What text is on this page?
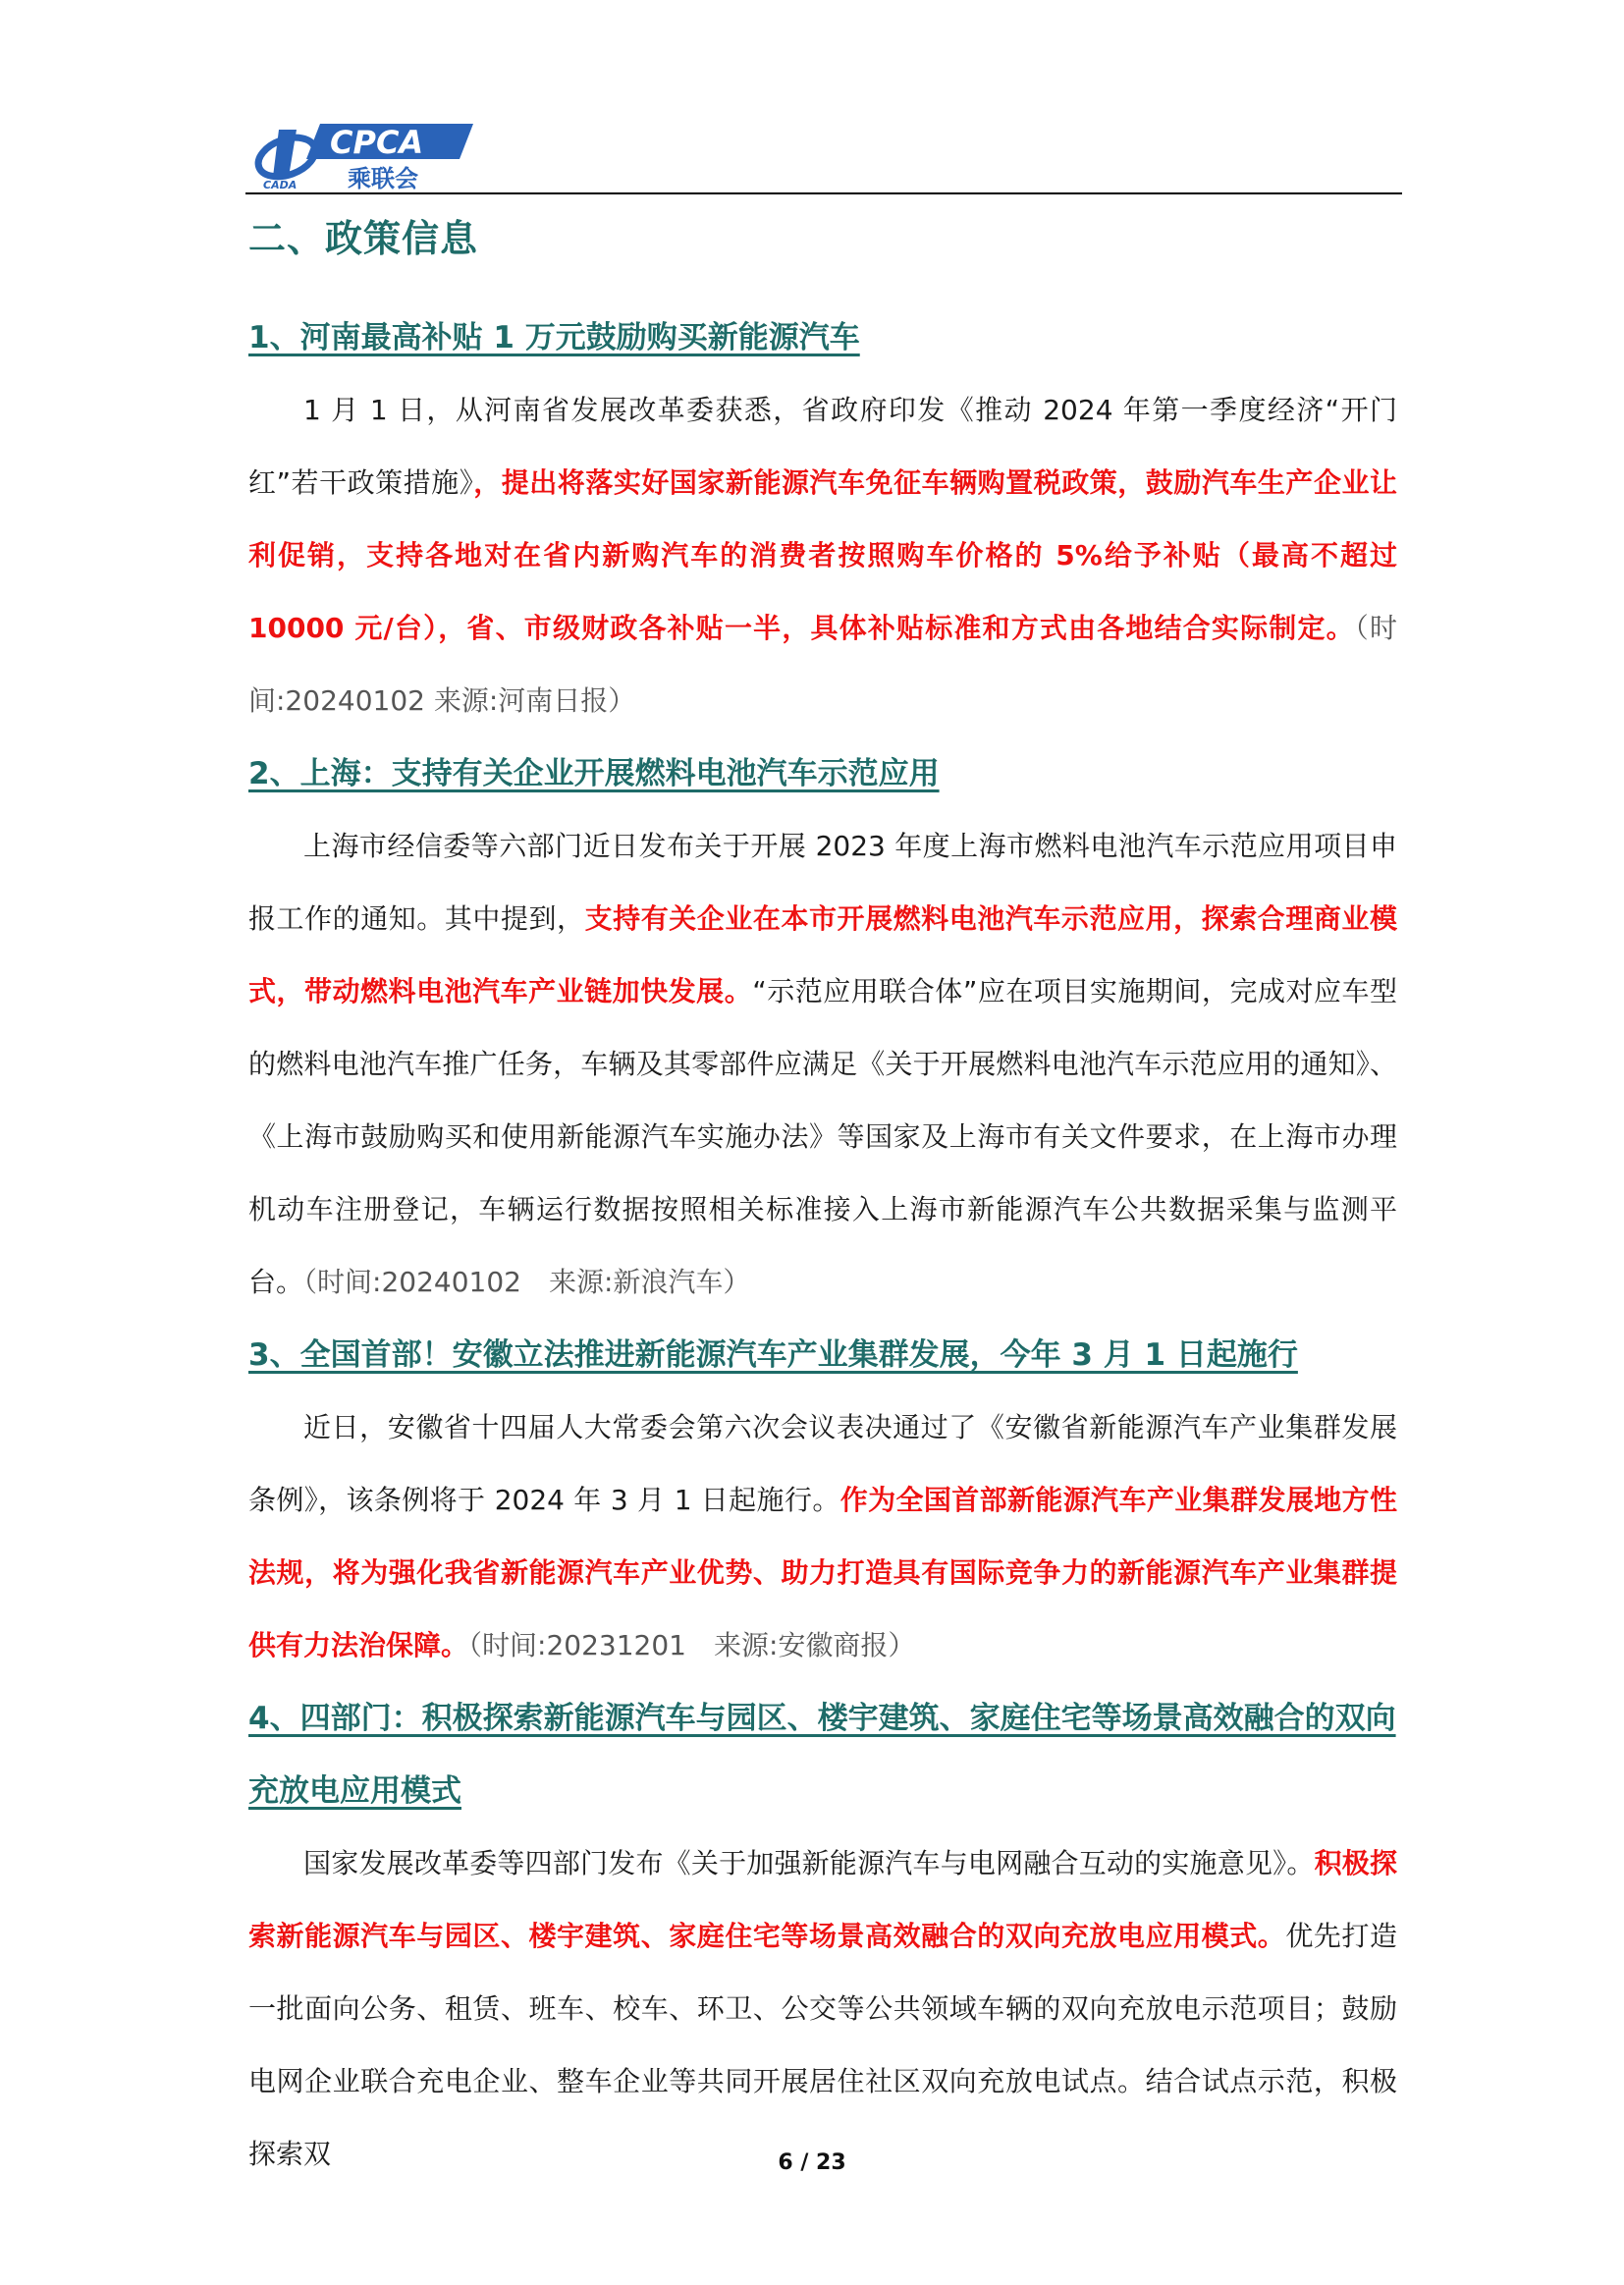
CADA
CPCA
乘联会
二、政策信息
1、河南最高补贴 1 万元鼓励购买新能源汽车

1 月 1 日，从河南省发展改革委获悉，省政府印发《推动 2024 年第一季度经济“开门红”若干政策措施》，提出将落实好国家新能源汽车免征车辆购置税政策，鼓励汽车生产企业让利促销，支持各地对在省内新购汽车的消费者按照购车价格的 5%给予补贴（最高不超过 10000 元/台），省、市级财政各补贴一半，具体补贴标准和方式由各地结合实际制定。（时间:20240102 来源:河南日报）

2、上海：支持有关企业开展燃料电池汽车示范应用

上海市经信委等六部门近日发布关于开展 2023 年度上海市燃料电池汽车示范应用项目申报工作的通知。其中提到，支持有关企业在本市开展燃料电池汽车示范应用，探索合理商业模式，带动燃料电池汽车产业链加快发展。“示范应用联合体”应在项目实施期间，完成对应车型的燃料电池汽车推广任务，车辆及其零部件应满足《关于开展燃料电池汽车示范应用的通知》、《上海市鼓励购买和使用新能源汽车实施办法》等国家及上海市有关文件要求，在上海市办理机动车注册登记，车辆运行数据按照相关标准接入上海市新能源汽车公共数据采集与监测平台。（时间:20240102　来源:新浪汽车）

3、全国首部！安徽立法推进新能源汽车产业集群发展，今年 3 月 1 日起施行

近日，安徽省十四届人大常委会第六次会议表决通过了《安徽省新能源汽车产业集群发展条例》，该条例将于 2024 年 3 月 1 日起施行。作为全国首部新能源汽车产业集群发展地方性法规，将为强化我省新能源汽车产业优势、助力打造具有国际竞争力的新能源汽车产业集群提供有力法治保障。（时间:20231201　来源:安徽商报）

4、四部门：积极探索新能源汽车与园区、楼宇建筑、家庭住宅等场景高效融合的双向充放电应用模式

国家发展改革委等四部门发布《关于加强新能源汽车与电网融合互动的实施意见》。积极探索新能源汽车与园区、楼宇建筑、家庭住宅等场景高效融合的双向充放电应用模式。优先打造一批面向公务、租赁、班车、校车、环卫、公交等公共领域车辆的双向充放电示范项目；鼓励电网企业联合充电企业、整车企业等共同开展居住社区双向充放电试点。结合试点示范，积极探索双	6 / 23
